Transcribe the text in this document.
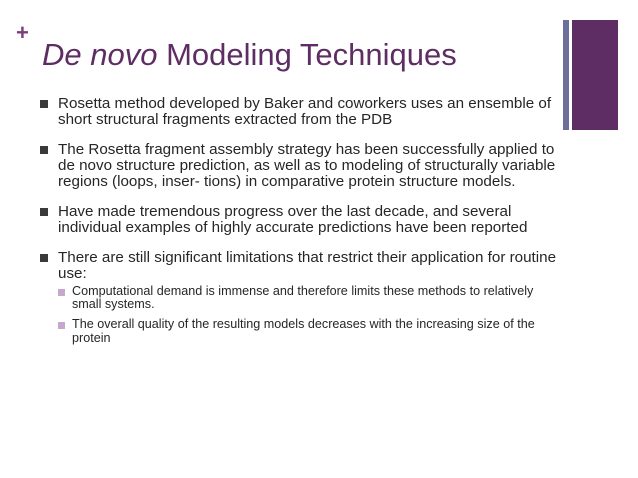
+
De novo Modeling Techniques
Rosetta method developed by Baker and coworkers uses an ensemble of short structural fragments extracted from the PDB
The Rosetta fragment assembly strategy has been successfully applied to de novo structure prediction, as well as to modeling of structurally variable regions (loops, inser- tions) in comparative protein structure models.
Have made tremendous progress over the last decade, and several individual examples of highly accurate predictions have been reported
There are still significant limitations that restrict their application for routine use:
Computational demand is immense and therefore limits these methods to relatively small systems.
The overall quality of the resulting models decreases with the increasing size of the protein
